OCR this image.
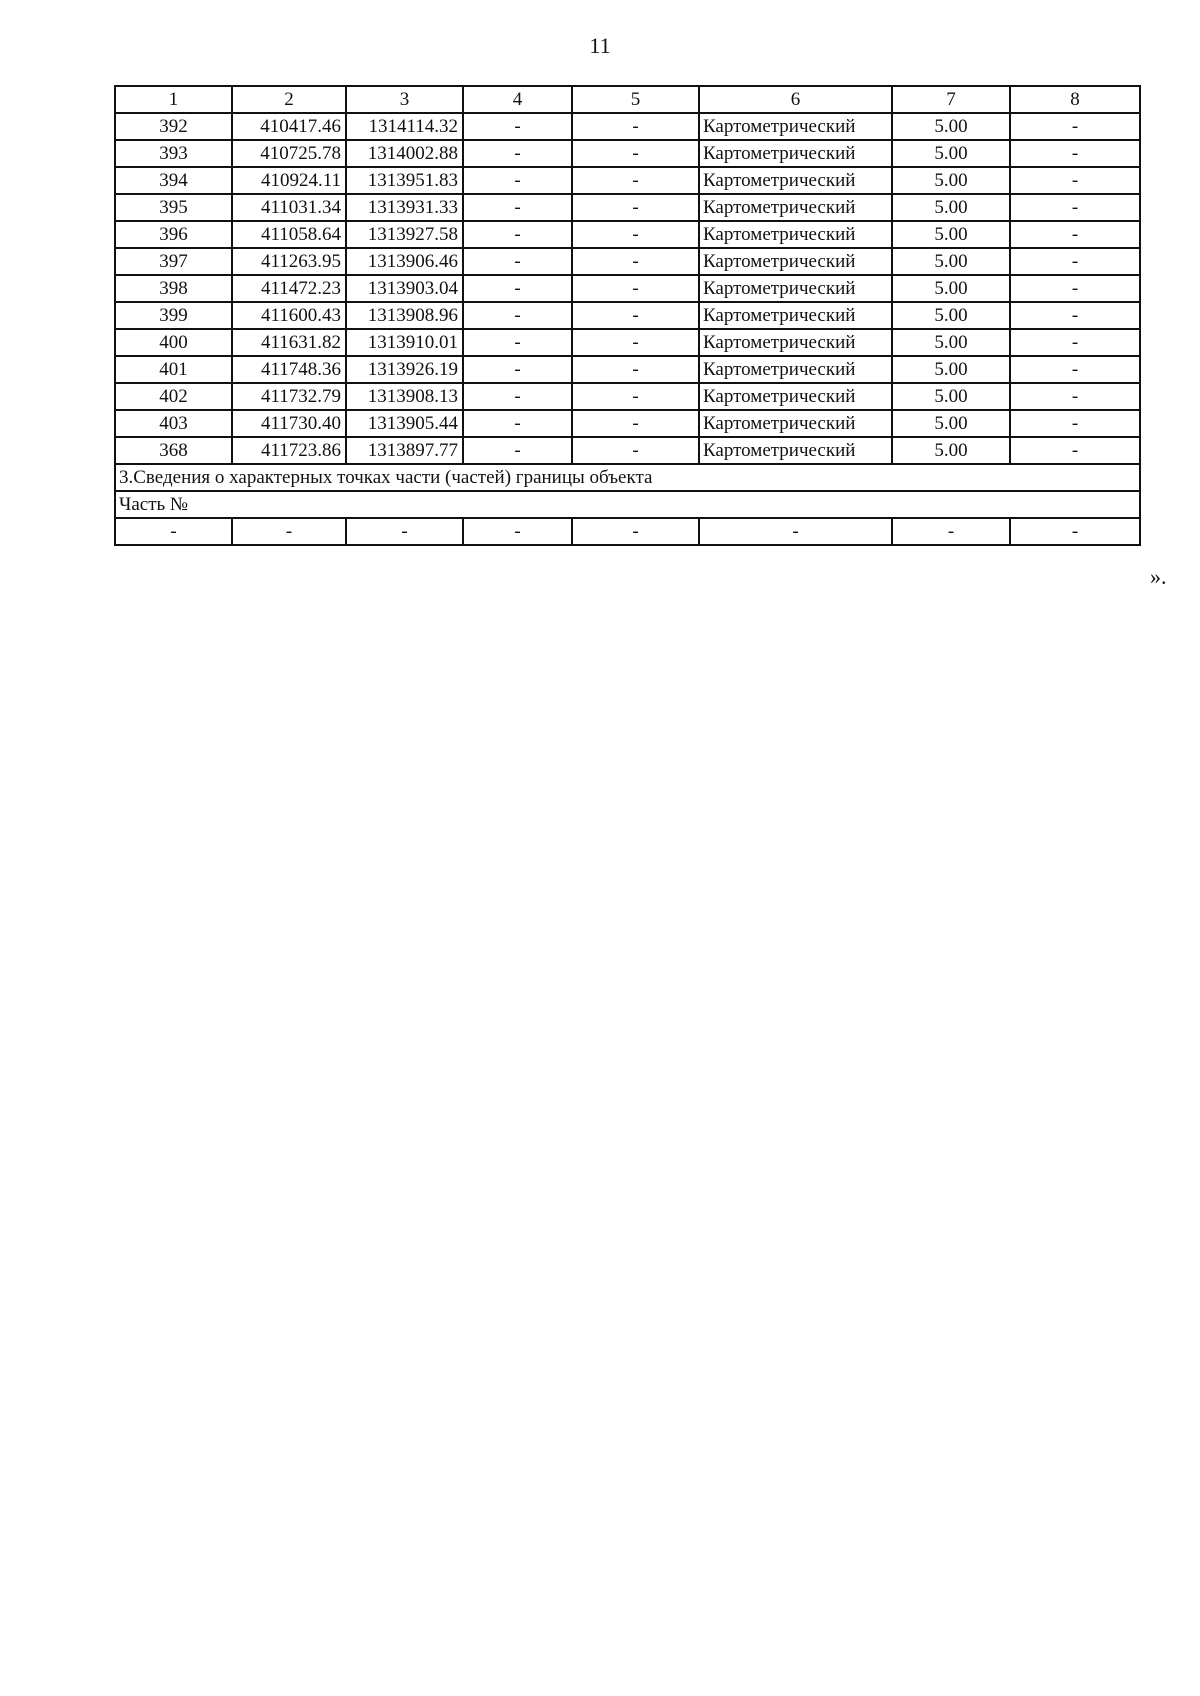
11
1	2	3	4	5	6	7	8
392	410417.46	1314114.32	-	-	Картометрический	5.00	-
393	410725.78	1314002.88	-	-	Картометрический	5.00	-
394	410924.11	1313951.83	-	-	Картометрический	5.00	-
395	411031.34	1313931.33	-	-	Картометрический	5.00	-
396	411058.64	1313927.58	-	-	Картометрический	5.00	-
397	411263.95	1313906.46	-	-	Картометрический	5.00	-
398	411472.23	1313903.04	-	-	Картометрический	5.00	-
399	411600.43	1313908.96	-	-	Картометрический	5.00	-
400	411631.82	1313910.01	-	-	Картометрический	5.00	-
401	411748.36	1313926.19	-	-	Картометрический	5.00	-
402	411732.79	1313908.13	-	-	Картометрический	5.00	-
403	411730.40	1313905.44	-	-	Картометрический	5.00	-
368	411723.86	1313897.77	-	-	Картометрический	5.00	-
3.Сведения о характерных точках части (частей) границы объекта							
Часть №							
-	-	-	-	-	-	-	-
».
